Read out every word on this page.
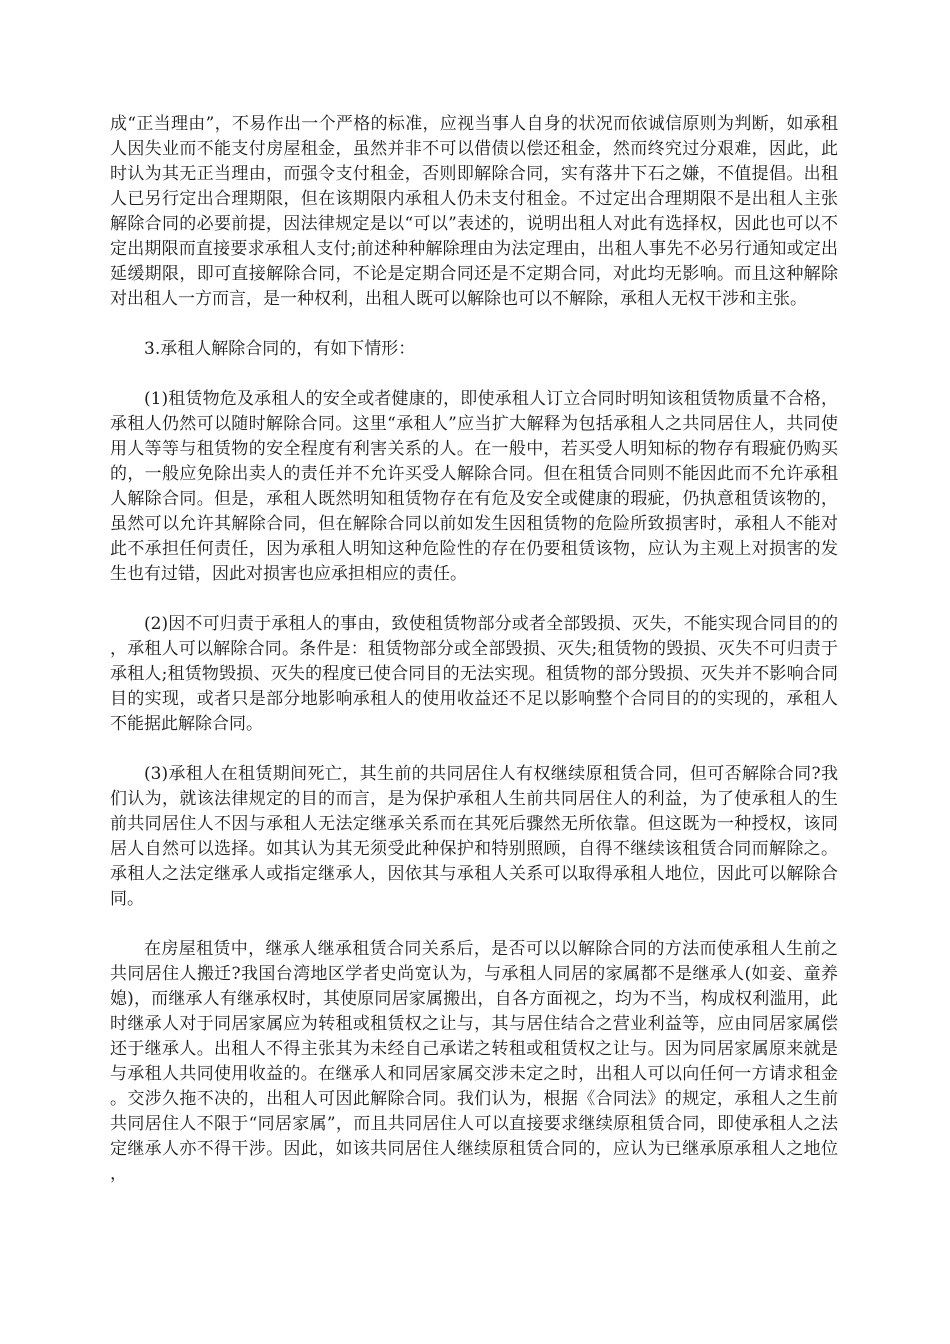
成“正当理由”，不易作出一个严格的标准，应视当事人自身的状况而依诚信原则为判断，如承租人因失业而不能支付房屋租金，虽然并非不可以借债以偿还租金，然而终究过分艰难，因此，此时认为其无正当理由，而强令支付租金，否则即解除合同，实有落井下石之嫌，不值提倡。出租人已另行定出合理期限，但在该期限内承租人仍未支付租金。不过定出合理期限不是出租人主张解除合同的必要前提，因法律规定是以“可以”表述的，说明出租人对此有选择权，因此也可以不定出期限而直接要求承租人支付;前述种种解除理由为法定理由，出租人事先不必另行通知或定出延缓期限，即可直接解除合同，不论是定期合同还是不定期合同，对此均无影响。而且这种解除对出租人一方而言，是一种权利，出租人既可以解除也可以不解除，承租人无权干涉和主张。

3.承租人解除合同的，有如下情形：

(1)租赁物危及承租人的安全或者健康的，即使承租人订立合同时明知该租赁物质量不合格，承租人仍然可以随时解除合同。这里“承租人”应当扩大解释为包括承租人之共同居住人，共同使用人等等与租赁物的安全程度有利害关系的人。在一般中，若买受人明知标的物存有瑕疵仍购买的，一般应免除出卖人的责任并不允许买受人解除合同。但在租赁合同则不能因此而不允许承租人解除合同。但是，承租人既然明知租赁物存在有危及安全或健康的瑕疵，仍执意租赁该物的，虽然可以允许其解除合同，但在解除合同以前如发生因租赁物的危险所致损害时，承租人不能对此不承担任何责任，因为承租人明知这种危险性的存在仍要租赁该物，应认为主观上对损害的发生也有过错，因此对损害也应承担相应的责任。

(2)因不可归责于承租人的事由，致使租赁物部分或者全部毁损、灭失，不能实现合同目的的，承租人可以解除合同。条件是：租赁物部分或全部毁损、灭失;租赁物的毁损、灭失不可归责于承租人;租赁物毁损、灭失的程度已使合同目的无法实现。租赁物的部分毁损、灭失并不影响合同目的实现，或者只是部分地影响承租人的使用收益还不足以影响整个合同目的的实现的，承租人不能据此解除合同。

(3)承租人在租赁期间死亡，其生前的共同居住人有权继续原租赁合同，但可否解除合同?我们认为，就该法律规定的目的而言，是为保护承租人生前共同居住人的利益，为了使承租人的生前共同居住人不因与承租人无法定继承关系而在其死后骤然无所依靠。但这既为一种授权，该同居人自然可以选择。如其认为其无须受此种保护和特别照顾，自得不继续该租赁合同而解除之。承租人之法定继承人或指定继承人，因依其与承租人关系可以取得承租人地位，因此可以解除合同。

在房屋租赁中，继承人继承租赁合同关系后，是否可以以解除合同的方法而使承租人生前之共同居住人搬迁?我国台湾地区学者史尚宽认为，与承租人同居的家属都不是继承人(如妾、童养媳)，而继承人有继承权时，其使原同居家属搬出，自各方面视之，均为不当，构成权利滥用，此时继承人对于同居家属应为转租或租赁权之让与，其与居住结合之营业利益等，应由同居家属偿还于继承人。出租人不得主张其为未经自己承诺之转租或租赁权之让与。因为同居家属原来就是与承租人共同使用收益的。在继承人和同居家属交涉未定之时，出租人可以向任何一方请求租金。交涉久拖不决的，出租人可因此解除合同。我们认为，根据《合同法》的规定，承租人之生前共同居住人不限于“同居家属”，而且共同居住人可以直接要求继续原租赁合同，即使承租人之法定继承人亦不得干涉。因此，如该共同居住人继续原租赁合同的，应认为已继承原承租人之地位，
